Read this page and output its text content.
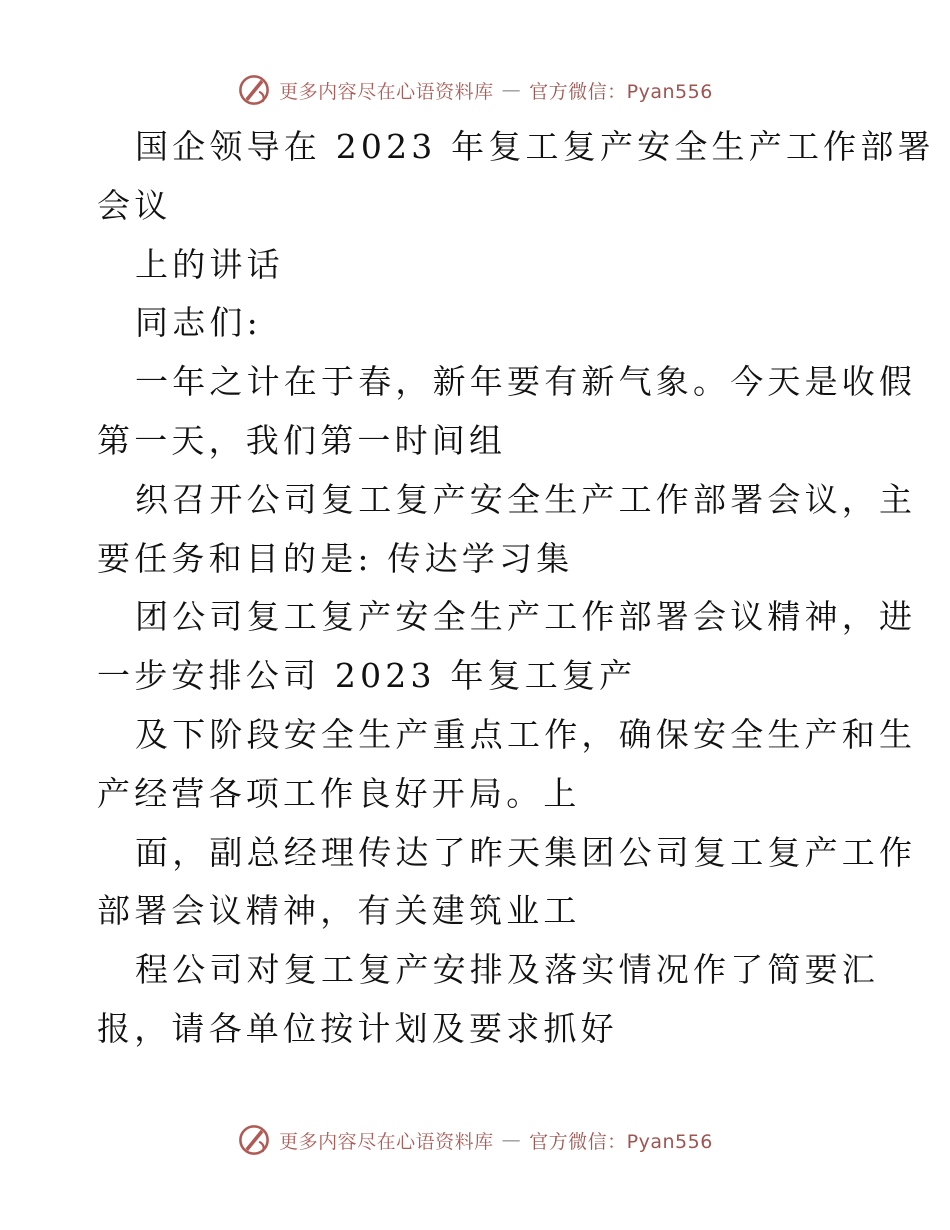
更多内容尽在心语资料库 — 官方微信：Pyan556
国企领导在 2023 年复工复产安全生产工作部署
会议
上的讲话
同志们:
一年之计在于春，新年要有新气象。今天是收假
第一天，我们第一时间组
织召开公司复工复产安全生产工作部署会议，主
要任务和目的是: 传达学习集
团公司复工复产安全生产工作部署会议精神，进
一步安排公司 2023 年复工复产
及下阶段安全生产重点工作，确保安全生产和生
产经营各项工作良好开局。上
面，副总经理传达了昨天集团公司复工复产工作
部署会议精神，有关建筑业工
程公司对复工复产安排及落实情况作了简要汇
报，请各单位按计划及要求抓好
更多内容尽在心语资料库 — 官方微信：Pyan556
